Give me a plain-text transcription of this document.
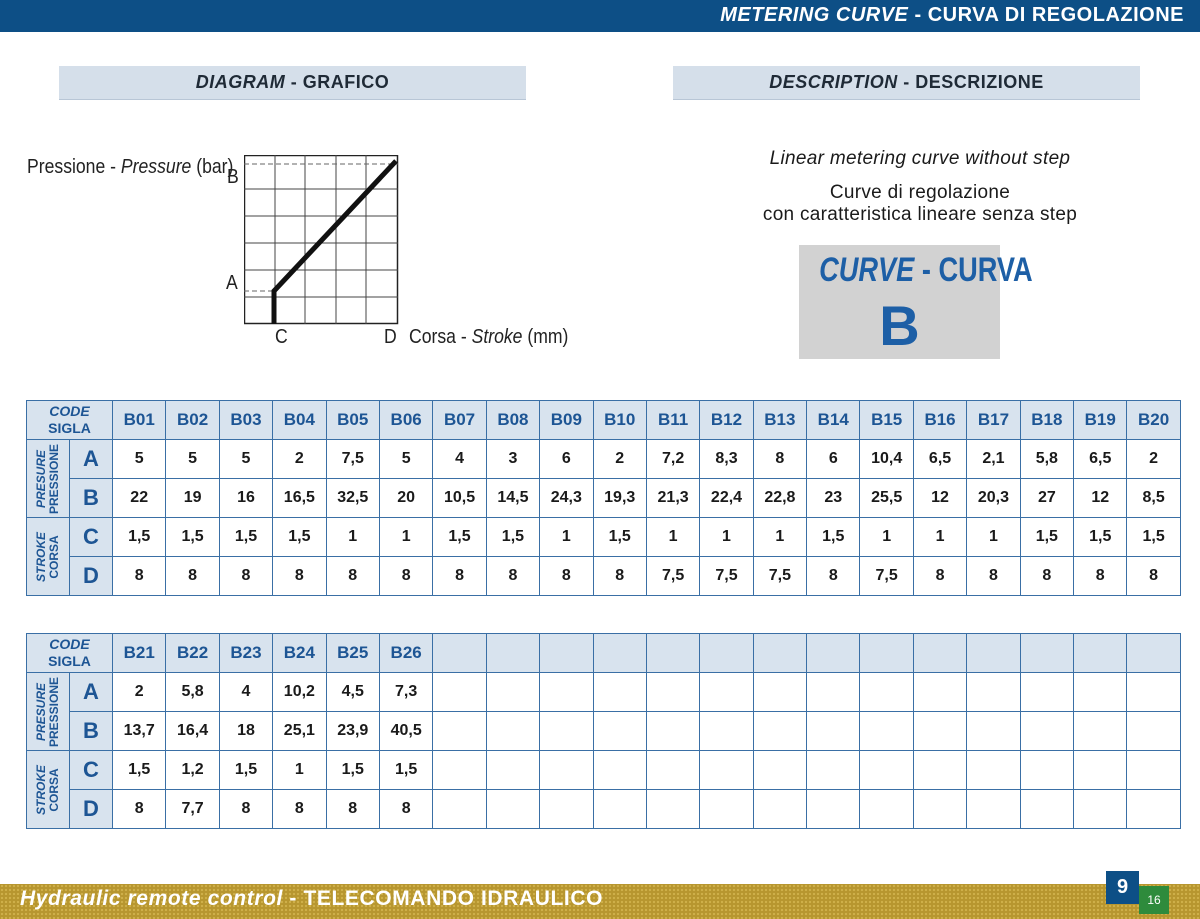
METERING CURVE - CURVA DI REGOLAZIONE
DIAGRAM - GRAFICO	DESCRIPTION - DESCRIZIONE
Pressione - Pressure (bar)
B
A
C	D Corsa - Stroke (mm)
Linear metering curve without step
Curve di regolazione
con caratteristica lineare senza step
CURVE - CURVA
B
CODE
SIGLA		B01	B02	B03	B04	B05	B06	B07	B08	B09	B10	B11	B12	B13	B14	B15	B16	B17	B18	B19	B20

PRESURE PRESSIONE	A	5	5	5	2	7,5	5	4	3	6	2	7,2	8,3	8	6	10,4	6,5	2,1	5,8	6,5	2
	B	22	19	16	16,5	32,5	20	10,5	14,5	24,3	19,3	21,3	22,4	22,8	23	25,5	12	20,3	27	12	8,5

STROKE CORSA	C	1,5	1,5	1,5	1,5	1	1	1,5	1,5	1	1,5	1	1	1	1,5	1	1	1	1,5	1,5	1,5
	D	8	8	8	8	8	8	8	8	8	8	7,5	7,5	7,5	8	7,5	8	8	8	8	8
CODE
SIGLA		B21	B22	B23	B24	B25	B26														

PRESURE PRESSIONE	A	2	5,8	4	10,2	4,5	7,3														
	B	13,7	16,4	18	25,1	23,9	40,5														

STROKE CORSA	C	1,5	1,2	1,5	1	1,5	1,5														
	D	8	7,7	8	8	8	8														
Hydraulic remote control - TELECOMANDO IDRAULICO	9
16
